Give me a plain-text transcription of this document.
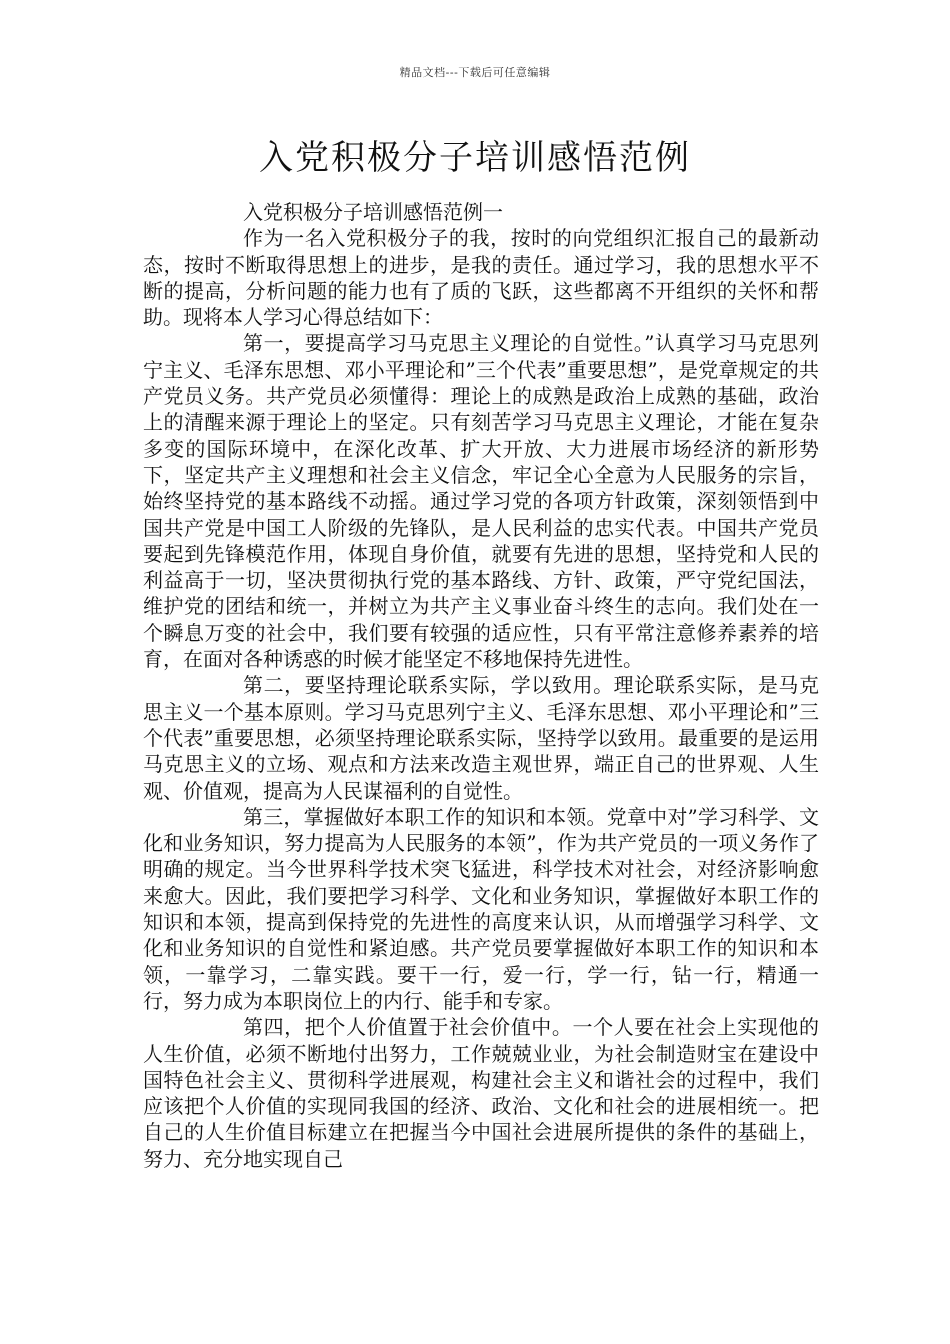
精品文档---下载后可任意编辑
入党积极分子培训感悟范例

入党积极分子培训感悟范例一

作为一名入党积极分子的我，按时的向党组织汇报自己的最新动态，按时不断取得思想上的进步，是我的责任。通过学习，我的思想水平不断的提高，分析问题的能力也有了质的飞跃，这些都离不开组织的关怀和帮助。现将本人学习心得总结如下：

第一，要提高学习马克思主义理论的自觉性。”认真学习马克思列宁主义、毛泽东思想、邓小平理论和”三个代表”重要思想”，是党章规定的共产党员义务。共产党员必须懂得：理论上的成熟是政治上成熟的基础，政治上的清醒来源于理论上的坚定。只有刻苦学习马克思主义理论，才能在复杂多变的国际环境中，在深化改革、扩大开放、大力进展市场经济的新形势下，坚定共产主义理想和社会主义信念，牢记全心全意为人民服务的宗旨，始终坚持党的基本路线不动摇。通过学习党的各项方针政策，深刻领悟到中国共产党是中国工人阶级的先锋队，是人民利益的忠实代表。中国共产党员要起到先锋模范作用，体现自身价值，就要有先进的思想，坚持党和人民的利益高于一切，坚决贯彻执行党的基本路线、方针、政策，严守党纪国法，维护党的团结和统一，并树立为共产主义事业奋斗终生的志向。我们处在一个瞬息万变的社会中，我们要有较强的适应性，只有平常注意修养素养的培育，在面对各种诱惑的时候才能坚定不移地保持先进性。

第二，要坚持理论联系实际，学以致用。理论联系实际，是马克思主义一个基本原则。学习马克思列宁主义、毛泽东思想、邓小平理论和”三个代表”重要思想，必须坚持理论联系实际，坚持学以致用。最重要的是运用马克思主义的立场、观点和方法来改造主观世界，端正自己的世界观、人生观、价值观，提高为人民谋福利的自觉性。

第三，掌握做好本职工作的知识和本领。党章中对”学习科学、文化和业务知识，努力提高为人民服务的本领”，作为共产党员的一项义务作了明确的规定。当今世界科学技术突飞猛进，科学技术对社会，对经济影响愈来愈大。因此，我们要把学习科学、文化和业务知识，掌握做好本职工作的知识和本领，提高到保持党的先进性的高度来认识，从而增强学习科学、文化和业务知识的自觉性和紧迫感。共产党员要掌握做好本职工作的知识和本领，一靠学习，二靠实践。要干一行，爱一行，学一行，钻一行，精通一行，努力成为本职岗位上的内行、能手和专家。

第四，把个人价值置于社会价值中。一个人要在社会上实现他的人生价值，必须不断地付出努力，工作兢兢业业，为社会制造财宝在建设中国特色社会主义、贯彻科学进展观，构建社会主义和谐社会的过程中，我们应该把个人价值的实现同我国的经济、政治、文化和社会的进展相统一。把自己的人生价值目标建立在把握当今中国社会进展所提供的条件的基础上，努力、充分地实现自己
